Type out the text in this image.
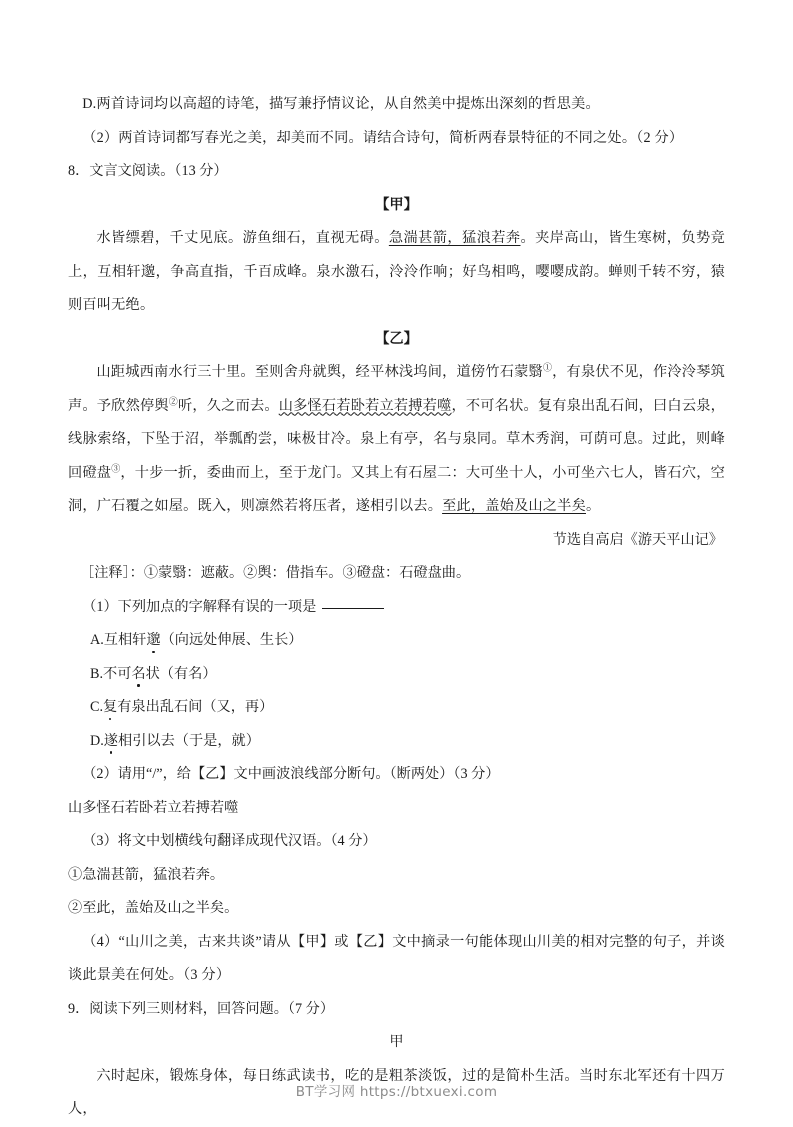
D.两首诗词均以高超的诗笔，描写兼抒情议论，从自然美中提炼出深刻的哲思美。
（2）两首诗词都写春光之美，却美而不同。请结合诗句，简析两春景特征的不同之处。（2 分）
8．文言文阅读。（13 分）
【甲】
水皆缥碧，千丈见底。游鱼细石，直视无碍。急湍甚箭，猛浪若奔。夹岸高山，皆生寒树，负势竞上，互相轩邈，争高直指，千百成峰。泉水激石，泠泠作响；好鸟相鸣，嘤嘤成韵。蝉则千转不穷，猿则百叫无绝。
【乙】
山距城西南水行三十里。至则舍舟就舆，经平林浅坞间，道傍竹石蒙翳①，有泉伏不见，作泠泠琴筑声。予欣然停舆②听，久之而去。山多怪石若卧若立若搏若噬，不可名状。复有泉出乱石间，曰白云泉，线脉索络，下坠于沼，举瓢酌尝，味极甘冷。泉上有亭，名与泉同。草木秀润，可荫可息。过此，则峰回磴盘③，十步一折，委曲而上，至于龙门。又其上有石屋二：大可坐十人，小可坐六七人，皆石穴，空洞，广石覆之如屋。既入，则凛然若将压者，遂相引以去。至此，盖始及山之半矣。
节选自高启《游天平山记》
［注释］：①蒙翳：遮蔽。②舆：借指车。③磴盘：石磴盘曲。
（1）下列加点的字解释有误的一项是
A.互相轩邈（向远处伸展、生长）
B.不可名状（有名）
C.复有泉出乱石间（又，再）
D.遂相引以去（于是，就）
（2）请用“/”，给【乙】文中画波浪线部分断句。（断两处）（3 分）
山多怪石若卧若立若搏若噬
（3）将文中划横线句翻译成现代汉语。（4 分）
①急湍甚箭，猛浪若奔。
②至此，盖始及山之半矣。
（4）“山川之美，古来共谈”请从【甲】或【乙】文中摘录一句能体现山川美的相对完整的句子，并谈谈此景美在何处。（3 分）
9．阅读下列三则材料，回答问题。（7 分）
甲
六时起床，锻炼身体，每日练武读书，吃的是粗茶淡饭，过的是简朴生活。当时东北军还有十四万人，
BT学习网 https://btxuexi.com
